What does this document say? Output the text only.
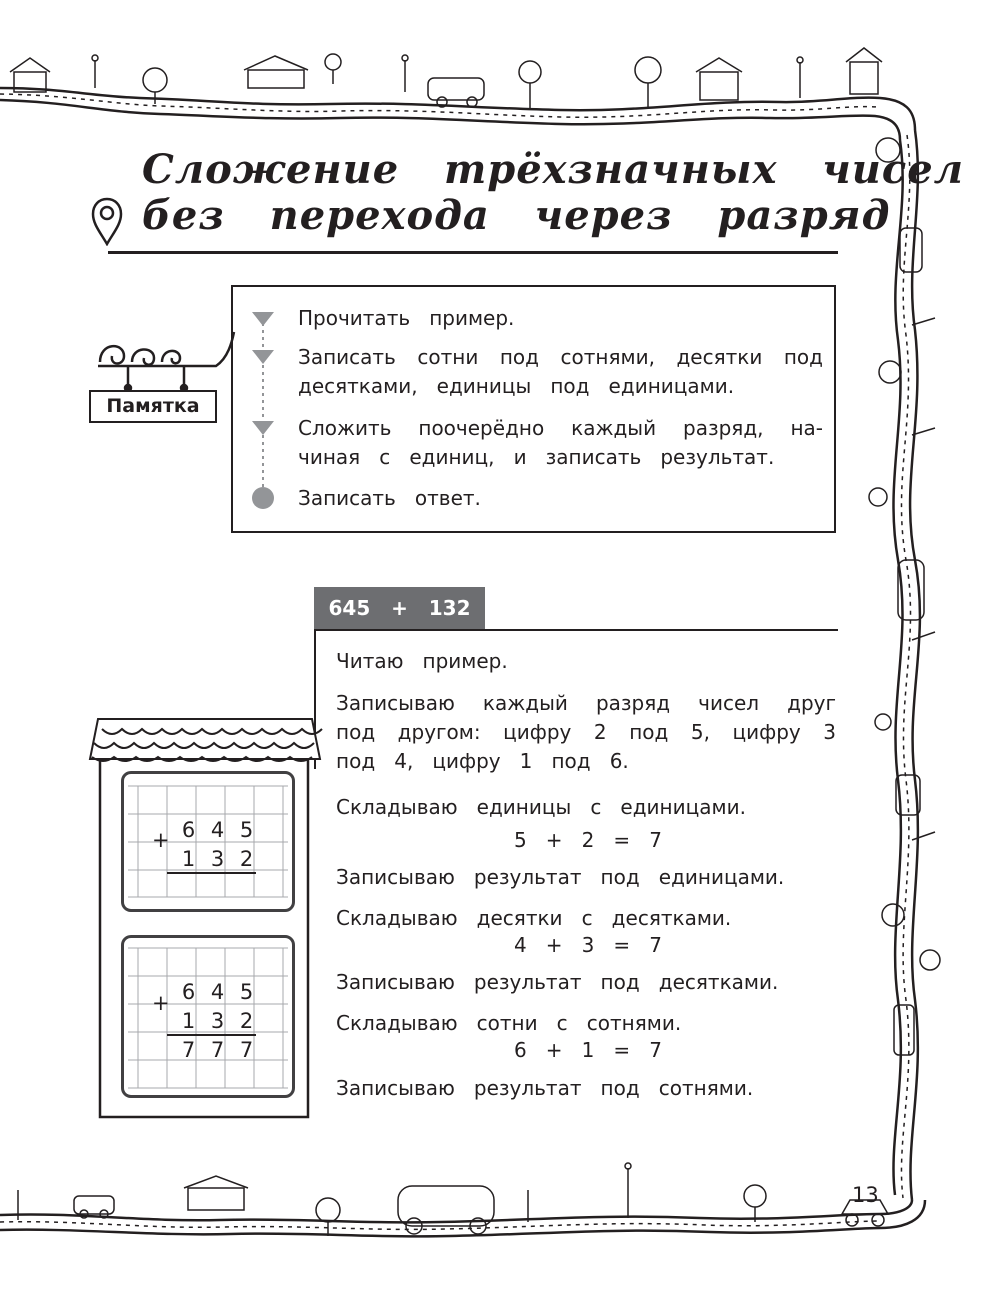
Сложение   трёхзначных   чисел
без   перехода   через   разряд
Памятка
Прочитать   пример.
Записать   сотни   под   сотнями,   десятки   под десятками,   единицы   под   единицами.
Сложить   поочерёдно   каждый   разряд,   на-чиная   с   единиц,   и   записать   результат.
Записать   ответ.
645   +   132
Читаю   пример.
Записываю   каждый   разряд   чисел   друг под   другом:   цифру   2   под   5,   цифру   3 под   4,   цифру   1   под   6.
Складываю   единицы   с   единицами.
5   +   2   =   7
Записываю   результат   под   единицами.
Складываю   десятки   с   десятками.
4   +   3   =   7
Записываю   результат   под   десятками.
Складываю   сотни   с   сотнями.
6   +   1   =   7
Записываю   результат   под   сотнями.
+ 6 4 5
1 3 2
+ 6 4 5
1 3 2
7 7 7
13
